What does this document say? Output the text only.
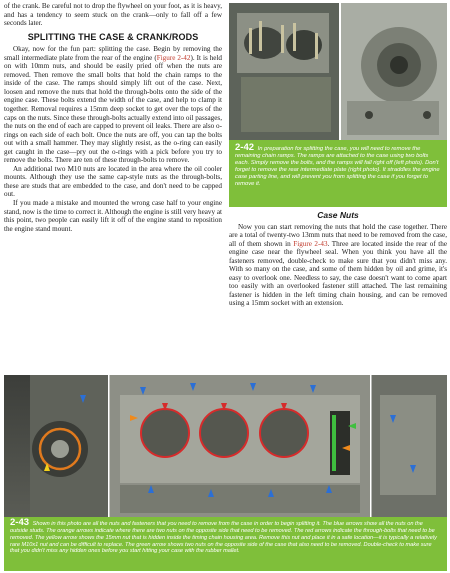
of the crank. Be careful not to drop the flywheel on your foot, as it is heavy, and has a tendency to seem stuck on the crank—only to fall off a few seconds later.

SPLITTING THE CASE & CRANK/RODS

Okay, now for the fun part: splitting the case. Begin by removing the small intermediate plate from the rear of the engine (Figure 2-42). It is held on with 10mm nuts, and should be easily pried off when the nuts are removed. Then remove the small bolts that hold the chain ramps to the inside of the case. The ramps should simply lift out of the case. Next, loosen and remove the nuts that hold the through-bolts onto the side of the engine case. These bolts extend the width of the case, and help to clamp it together. Removal requires a 15mm deep socket to get over the tops of the caps on the nuts. Since these through-bolts actually extend into oil passages, the nuts on the end of each are capped to prevent oil leaks. There are also o-rings on each side of each bolt. Once the nuts are off, you can tap the bolts out with a small hammer. They may slightly resist, as the o-ring can easily get caught in the case—pry out the o-rings with a pick before you try to remove the bolts. There are ten of these through-bolts to remove.

An additional two M10 nuts are located in the area where the oil cooler mounts. Although they use the same cap-style nuts as the through-bolts, these are studs that are embedded to the case, and don't need to be capped out.

If you made a mistake and mounted the wrong case half to your engine stand, now is the time to correct it. Although the engine is still very heavy at this point, two people can easily lift it off of the engine stand to reposition the engine stand mount.

2-42 In preparation for splitting the case, you will need to remove the remaining chain ramps. The ramps are attached to the case using two bolts each. Simply remove the bolts, and the ramps will fall right off (left photo). Don't forget to remove the rear intermediate plate (right photo). It straddles the engine case parting line, and will prevent you from splitting the case if you forget to remove it.
Case Nuts

Now you can start removing the nuts that hold the case together. There are a total of twenty-two 13mm nuts that need to be removed from the case, all of them shown in Figure 2-43. Three are located inside the rear of the engine case near the flywheel seal. When you think you have all the fasteners removed, double-check to make sure that you didn't miss any. With so many on the case, and some of them hidden by oil and grime, it's easy to overlook one. Needless to say, the case doesn't want to come apart too easily with an overlooked fastener still attached. The last remaining fastener is hidden in the left timing chain housing, and can be removed using a 15mm socket with an extension.

2-43 Shown in this photo are all the nuts and fasteners that you need to remove from the case in order to begin splitting it. The blue arrows show all the nuts on the outside studs. The orange arrows indicate where there are two nuts on the opposite side that need to be removed. The red arrows indicate the through-bolts that need to be removed. The yellow arrow shows the 15mm nut that is hidden inside the timing chain housing area. Remove this nut and place it in a safe location—it is typically a relatively rare M10x1 nut and can be difficult to replace. The green arrow shows two nuts on the opposite side of the case that also need to be removed. Double-check to make sure that you didn't miss any hidden ones before you start hitting your case with the rubber mallet.
